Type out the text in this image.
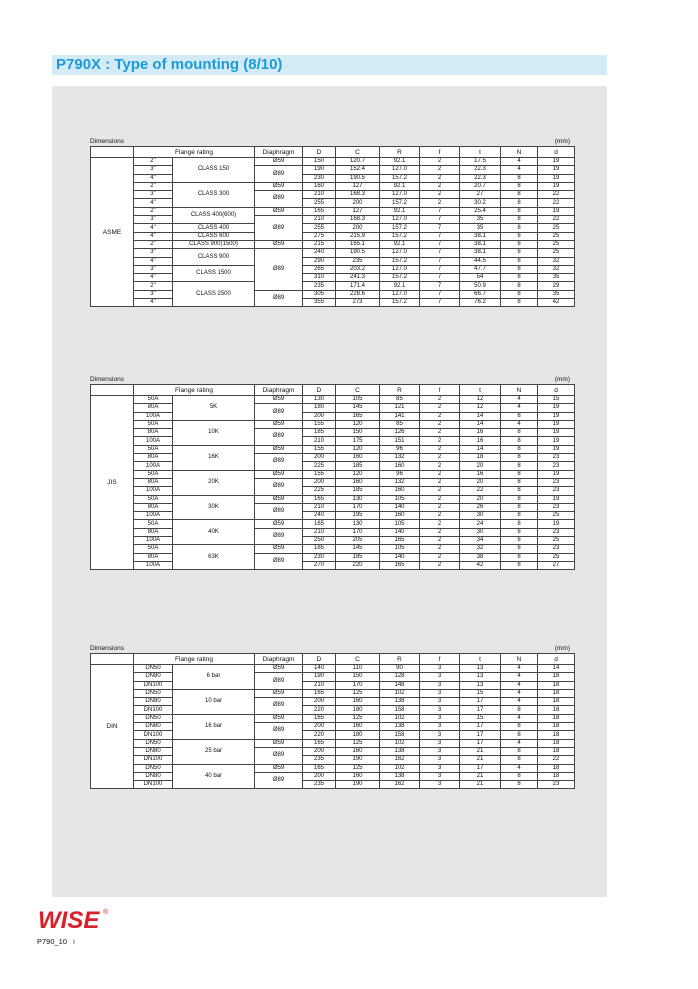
P790X : Type of mounting (8/10)
Dimensions	(mm)
	Flange rating		Diaphragm	D	C	R	f	t	N	d
ASME	2"	CLASS 150	Ø59	150	120.7	92.1	2	17.5	4	19
	3"		Ø89	190	152.4	127.0	2	22.3	4	19
	4"			230	190.5	157.2	2	22.3	8	19
	2"	CLASS 300	Ø59	160	127	92.1	2	20.7	8	19
	3"		Ø89	210	168.3	127.0	2	27	8	22
	4"			255	200	157.2	2	30.2	8	22
	2"	CLASS 400(600)	Ø59	165	127	92.1	7	25.4	8	19
	3"		Ø89	210	168.3	127.0	7	35	8	22
	4"	CLASS 400		255	200	157.2	7	35	8	25
	4"	CLASS 600		275	215.9	157.2	7	38.1	8	25
	2"	CLASS 900(1500)	Ø59	215	165.1	92.1	7	38.1	8	25
	3"	CLASS 900	Ø89	240	190.5	127.0	7	38.1	8	25
	4"			290	235	157.2	7	44.5	8	32
	3"	CLASS 1500		265	203.2	127.0	7	47.7	8	32
	4"			310	241.3	157.2	7	54	8	35
	2"	CLASS 2500		235	171.4	92.1	7	50.9	8	29
	3"		Ø89	305	228.6	127.0	7	66.7	8	35
	4"			355	273	157.2	7	76.2	8	42
Dimensions	(mm)
	Flange rating		Diaphragm	D	C	R	f	t	N	d
JIS	50A	5K	Ø59	130	105	85	2	12	4	15
	80A		Ø89	180	145	121	2	12	4	19
	100A			200	165	141	2	14	8	19
	50A	10K	Ø59	155	120	85	2	14	4	19
	80A		Ø89	185	150	126	2	16	8	19
	100A			210	175	151	2	16	8	19
	50A	16K	Ø59	155	120	96	2	14	8	19
	80A		Ø89	200	160	132	2	18	8	23
	100A			225	185	160	2	20	8	23
	50A	20K	Ø59	155	120	96	2	16	8	19
	80A		Ø89	200	160	132	2	20	8	23
	100A			225	185	160	2	22	8	23
	50A	30K	Ø59	165	130	105	2	20	8	19
	80A		Ø89	210	170	140	2	26	8	23
	100A			240	195	160	2	30	8	25
	50A	40K	Ø59	165	130	105	2	24	8	19
	80A		Ø89	210	170	140	2	30	8	23
	100A			250	205	165	2	34	8	25
	50A	63K	Ø59	185	145	105	2	32	8	23
	80A		Ø89	230	185	140	2	38	8	25
	100A			270	220	165	2	42	8	27
Dimensions	(mm)
	Flange rating		Diaphragm	D	C	R	f	t	N	d
DIN	DN50	6 bar	Ø59	140	110	90	3	13	4	14
	DN80		Ø89	190	150	128	3	13	4	18
	DN100			210	170	148	3	13	4	18
	DN50	10 bar	Ø59	165	125	102	3	15	4	18
	DN80		Ø89	200	160	138	3	17	4	18
	DN100			220	180	158	3	17	8	18
	DN50	16 bar	Ø59	165	125	102	3	15	4	18
	DN80		Ø89	200	160	138	3	17	8	18
	DN100			220	180	158	3	17	8	18
	DN50	25 bar	Ø59	165	125	102	3	17	4	18
	DN80		Ø89	200	160	138	3	21	8	18
	DN100			235	190	162	3	21	8	22
	DN50	40 bar	Ø59	165	125	102	3	17	4	18
	DN80		Ø89	200	160	138	3	21	8	18
	DN100			235	190	162	3	21	8	23
WISE ®
P790_10 I
